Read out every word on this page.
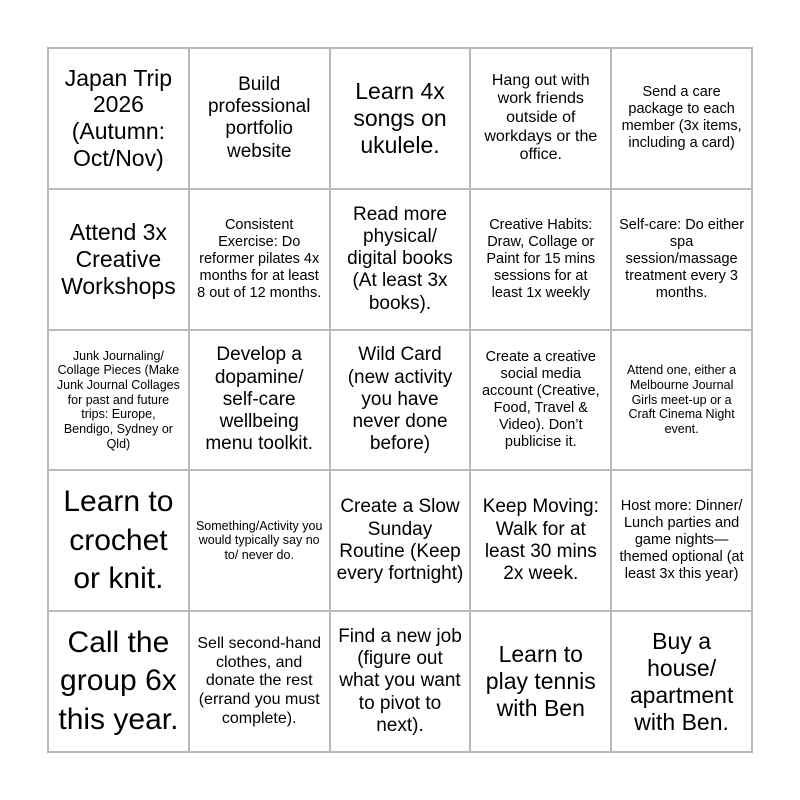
Japan Trip 2026 (Autumn: Oct/Nov)
Build professional portfolio website
Learn 4x songs on ukulele.
Hang out with work friends outside of workdays or the office.
Send a care package to each member (3x items, including a card)
Attend 3x Creative Workshops
Consistent Exercise: Do reformer pilates 4x months for at least 8 out of 12 months.
Read more physical/ digital books (At least 3x books).
Creative Habits: Draw, Collage or Paint for 15 mins sessions for at least 1x weekly
Self-care: Do either spa session/massage treatment every 3 months.
Junk Journaling/ Collage Pieces (Make Junk Journal Collages for past and future trips: Europe, Bendigo, Sydney or Qld)
Develop a dopamine/ self-care wellbeing menu toolkit.
Wild Card (new activity you have never done before)
Create a creative social media account (Creative, Food, Travel & Video). Don’t publicise it.
Attend one, either a Melbourne Journal Girls meet-up or a Craft Cinema Night event.
Learn to crochet or knit.
Something/Activity you would typically say no to/ never do.
Create a Slow Sunday Routine (Keep every fortnight)
Keep Moving: Walk for at least 30 mins 2x week.
Host more: Dinner/ Lunch parties and game nights— themed optional (at least 3x this year)
Call the group 6x this year.
Sell second-hand clothes, and donate the rest (errand you must complete).
Find a new job (figure out what you want to pivot to next).
Learn to play tennis with Ben
Buy a house/ apartment with Ben.
